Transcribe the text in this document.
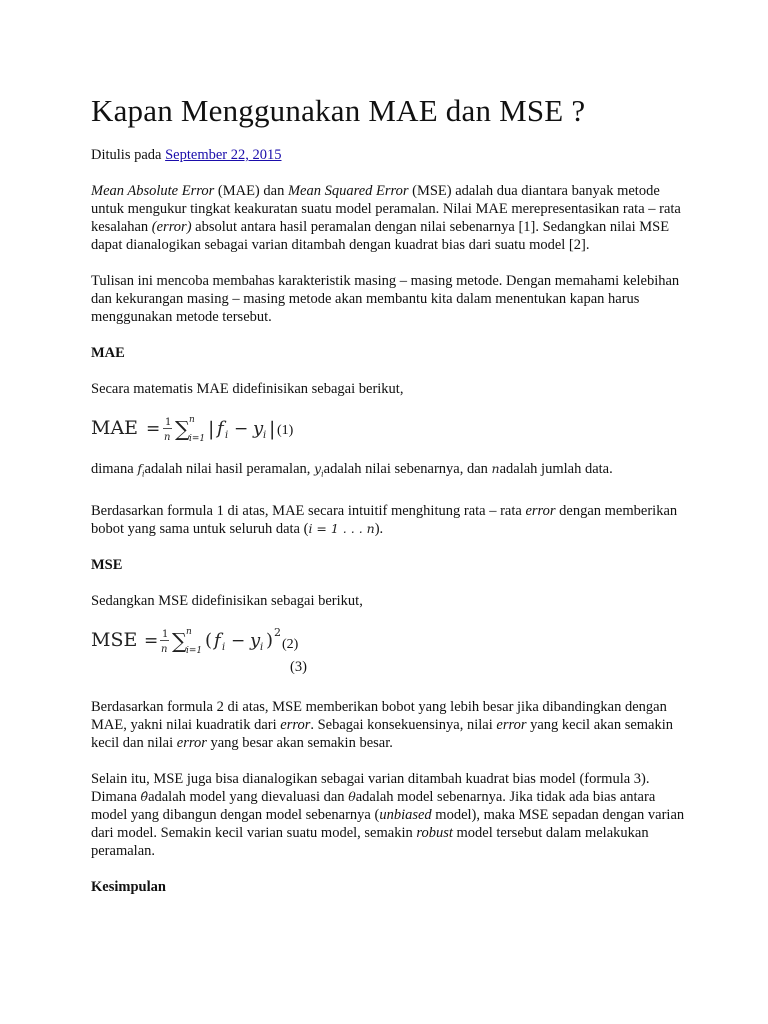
Kapan Menggunakan MAE dan MSE ?

Ditulis pada September 22, 2015

Mean Absolute Error (MAE) dan Mean Squared Error (MSE) adalah dua diantara banyak metode untuk mengukur tingkat keakuratan suatu model peramalan. Nilai MAE merepresentasikan rata – rata kesalahan (error) absolut antara hasil peramalan dengan nilai sebenarnya [1]. Sedangkan nilai MSE dapat dianalogikan sebagai varian ditambah dengan kuadrat bias dari suatu model [2].

Tulisan ini mencoba membahas karakteristik masing – masing metode. Dengan memahami kelebihan dan kekurangan masing – masing metode akan membantu kita dalam menentukan kapan harus menggunakan metode tersebut.

MAE

Secara matematis MAE didefinisikan sebagai berikut,

MAE = 1
n ∑ n
i=1 | f i − y i | (1)

dimana $f_iadalah$ nilai hasil peramalan, $y_iadalah$ nilai sebenarnya, dan nadalah jumlah data.

Berdasarkan formula 1 di atas, MAE secara intuitif menghitung rata – rata error dengan memberikan bobot yang sama untuk seluruh data (i = 1 . . . n).

MSE

Sedangkan MSE didefinisikan sebagai berikut,

MSE = 1
n ∑ n
i=1 ( f i − y i ) 2
(2)
(3)

Berdasarkan formula 2 di atas, MSE memberikan bobot yang lebih besar jika dibandingkan dengan MAE, yakni nilai kuadratik dari error. Sebagai konsekuensinya, nilai error yang kecil akan semakin kecil dan nilai error yang besar akan semakin besar.

Selain itu, MSE juga bisa dianalogikan sebagai varian ditambah kuadrat bias model (formula 3). Dimana θ̂adalah model yang dievaluasi dan θadalah model sebenarnya. Jika tidak ada bias antara model yang dibangun dengan model sebenarnya (unbiased model), maka MSE sepadan dengan varian dari model. Semakin kecil varian suatu model, semakin robust model tersebut dalam melakukan peramalan.

Kesimpulan
